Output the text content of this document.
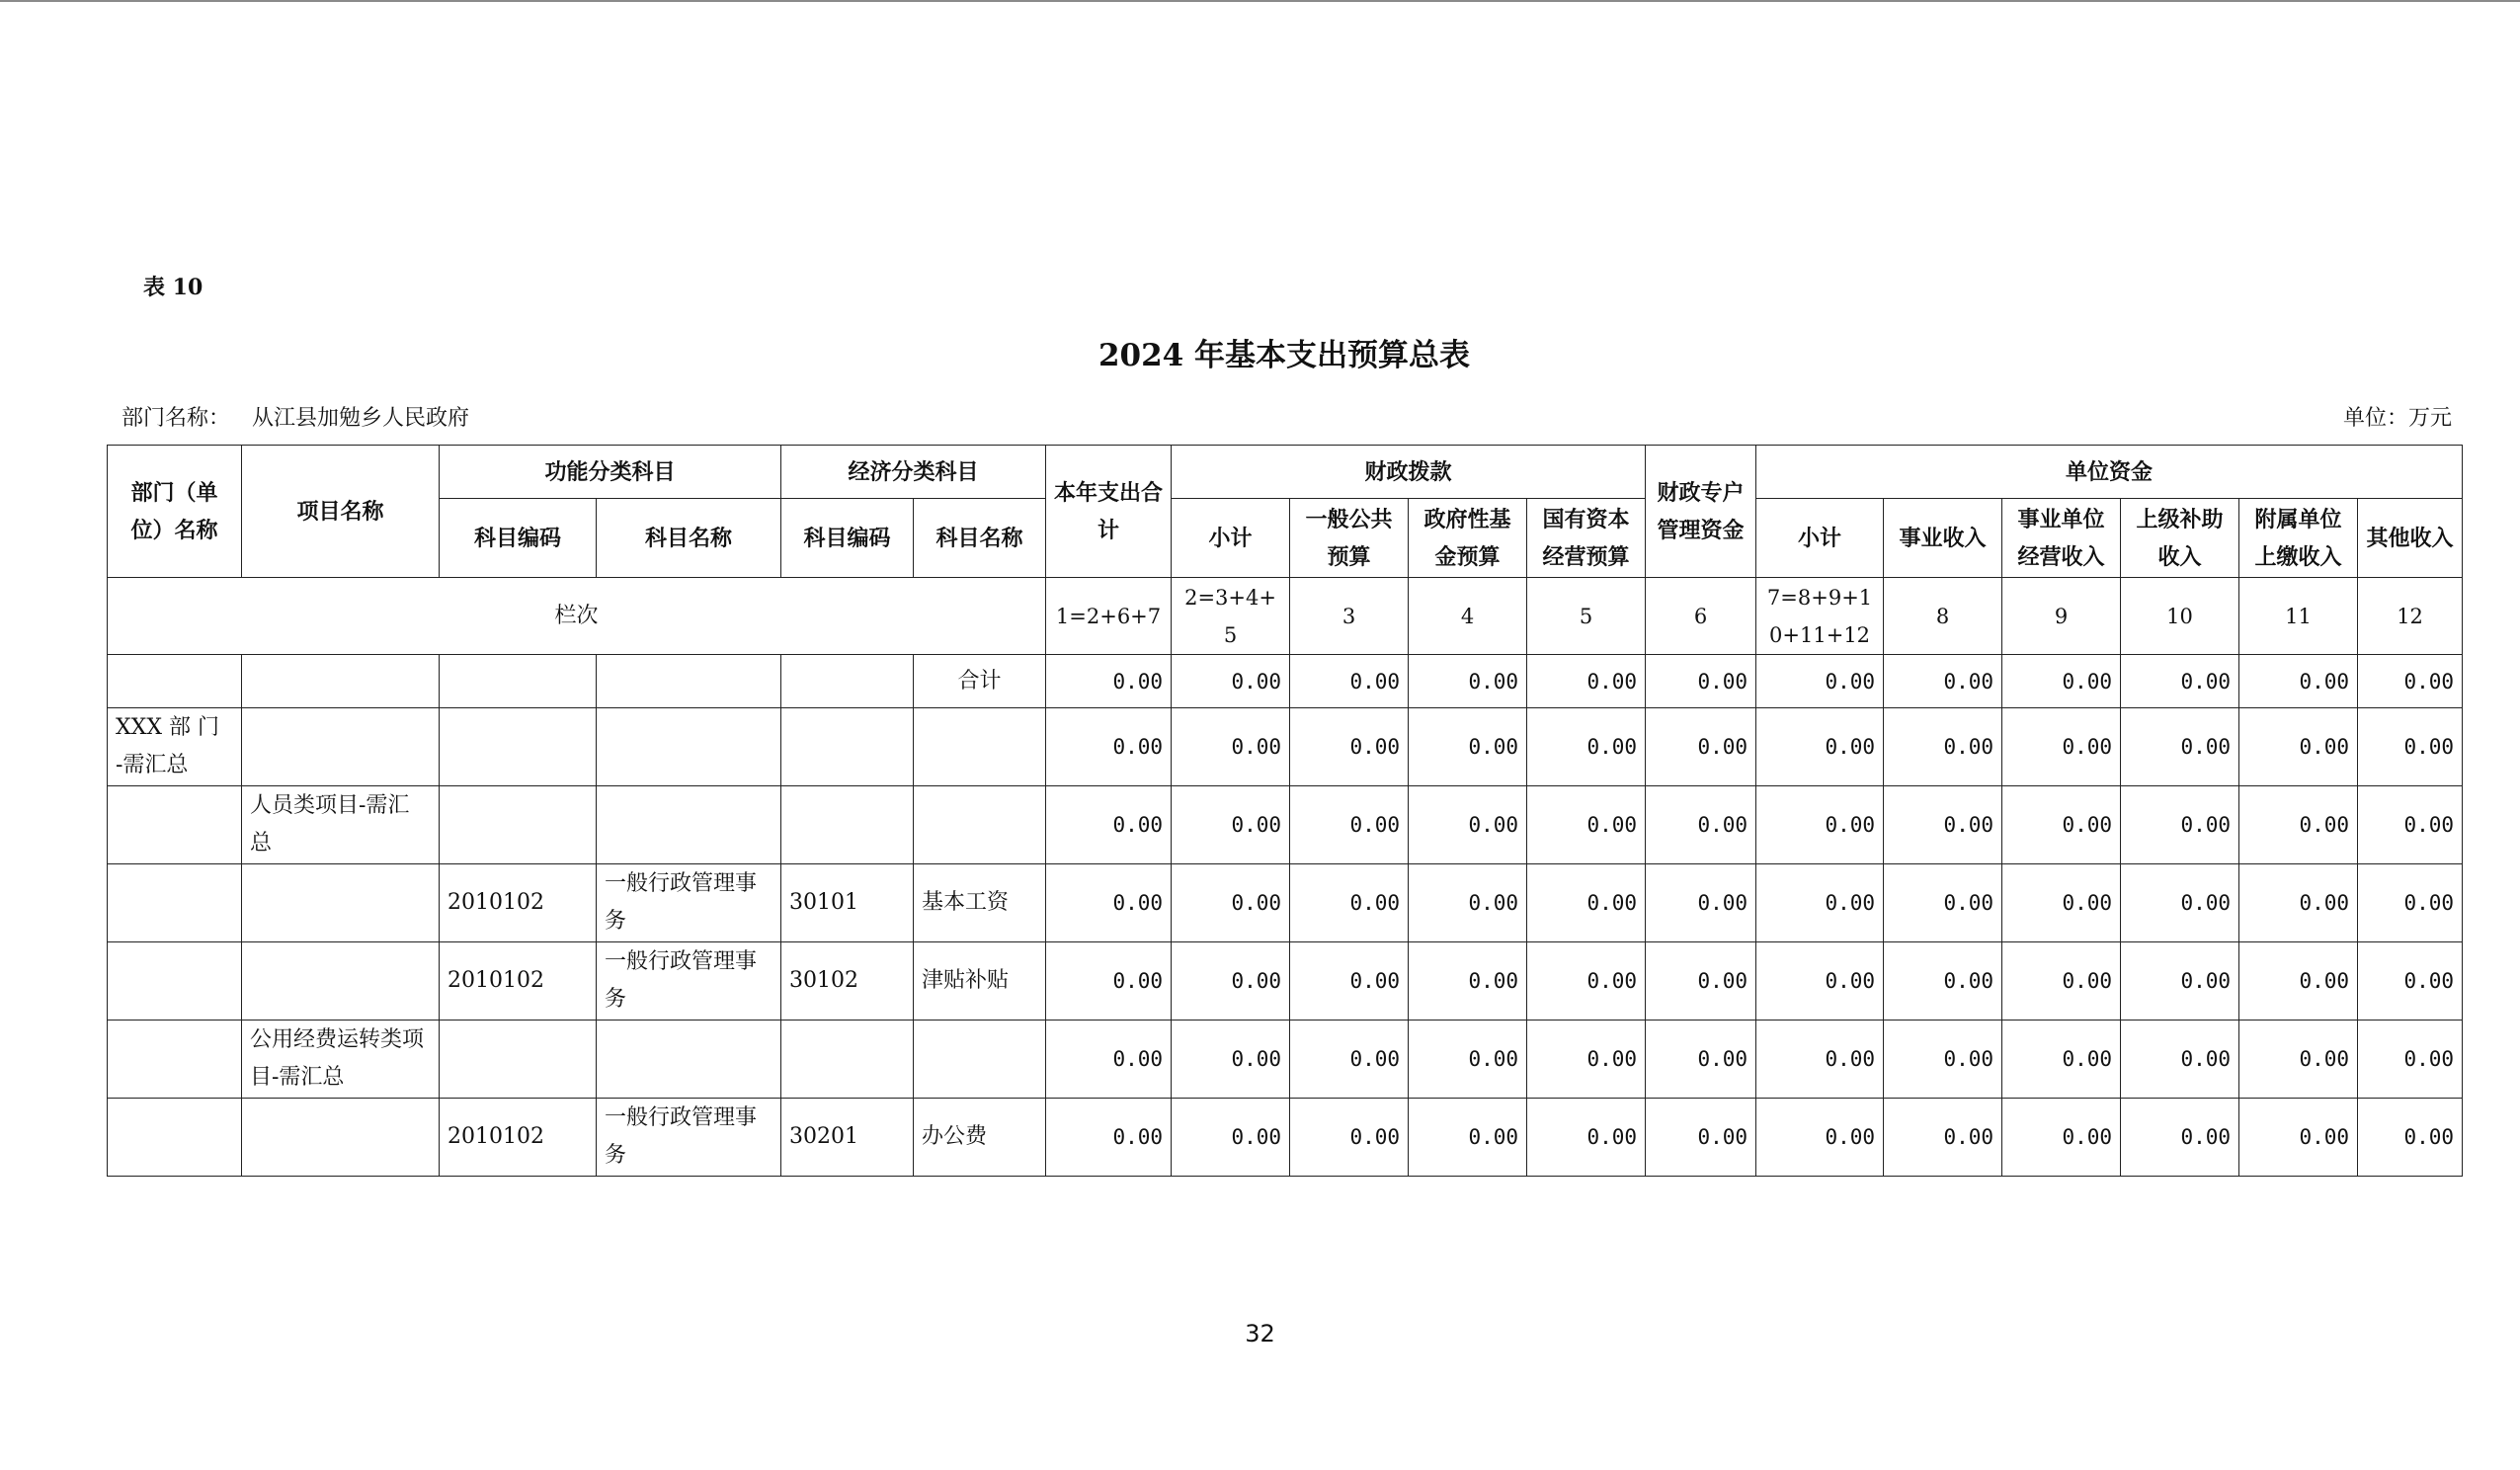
表 10
2024 年基本支出预算总表
部门名称： 从江县加勉乡人民政府	单位：万元
部门（单位）名称	项目名称	功能分类科目		经济分类科目		本年支出合计	财政拨款				财政专户管理资金	单位资金					
		科目编码	科目名称	科目编码	科目名称		小计	一般公共预算	政府性基金预算	国有资本经营预算		小计	事业收入	事业单位经营收入	上级补助收入	附属单位上缴收入	其他收入
栏次						1=2+6+7	2=3+4+5	3	4	5	6	7=8+9+10+11+12	8	9	10	11	12
					合计	0.00	0.00	0.00	0.00	0.00	0.00	0.00	0.00	0.00	0.00	0.00	0.00
XXX 部 门 -需汇总						0.00	0.00	0.00	0.00	0.00	0.00	0.00	0.00	0.00	0.00	0.00	0.00
	人员类项目-需汇总					0.00	0.00	0.00	0.00	0.00	0.00	0.00	0.00	0.00	0.00	0.00	0.00
		2010102	一般行政管理事务	30101	基本工资	0.00	0.00	0.00	0.00	0.00	0.00	0.00	0.00	0.00	0.00	0.00	0.00
		2010102	一般行政管理事务	30102	津贴补贴	0.00	0.00	0.00	0.00	0.00	0.00	0.00	0.00	0.00	0.00	0.00	0.00
	公用经费运转类项目-需汇总					0.00	0.00	0.00	0.00	0.00	0.00	0.00	0.00	0.00	0.00	0.00	0.00
		2010102	一般行政管理事务	30201	办公费	0.00	0.00	0.00	0.00	0.00	0.00	0.00	0.00	0.00	0.00	0.00	0.00
32
